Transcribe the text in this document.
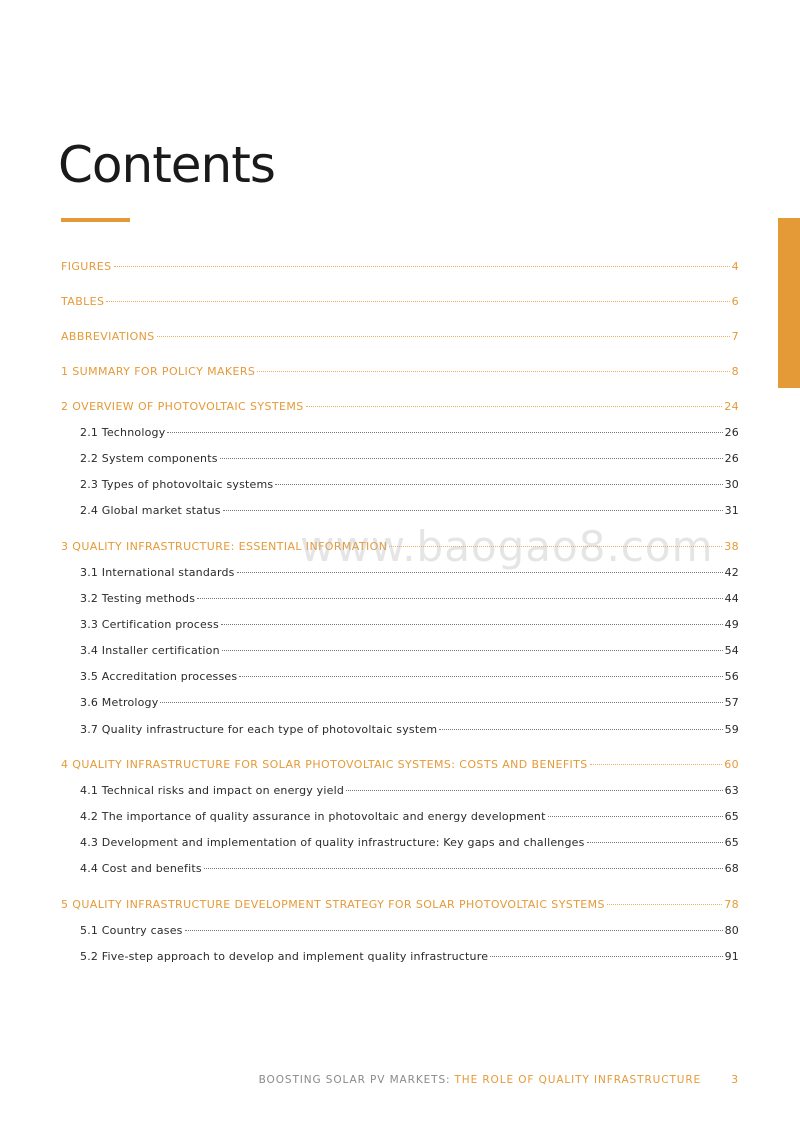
Contents
FIGURES	4
TABLES	6
ABBREVIATIONS	7
1 SUMMARY FOR POLICY MAKERS	8
2 OVERVIEW OF PHOTOVOLTAIC SYSTEMS	24
2.1 Technology	26
2.2 System components	26
2.3 Types of photovoltaic systems	30
2.4 Global market status	31
3 QUALITY INFRASTRUCTURE: ESSENTIAL INFORMATION	38
3.1 International standards	42
3.2 Testing methods	44
3.3 Certification process	49
3.4 Installer certification	54
3.5 Accreditation processes	56
3.6 Metrology	57
3.7 Quality infrastructure for each type of photovoltaic system	59
4 QUALITY INFRASTRUCTURE FOR SOLAR PHOTOVOLTAIC SYSTEMS: COSTS AND BENEFITS	60
4.1 Technical risks and impact on energy yield	63
4.2 The importance of quality assurance in photovoltaic and energy development	65
4.3 Development and implementation of quality infrastructure: Key gaps and challenges	65
4.4 Cost and benefits	68
5 QUALITY INFRASTRUCTURE DEVELOPMENT STRATEGY FOR SOLAR PHOTOVOLTAIC SYSTEMS	78
5.1 Country cases	80
5.2 Five-step approach to develop and implement quality infrastructure	91
www.baogao8.com
BOOSTING SOLAR PV MARKETS: THE ROLE OF QUALITY INFRASTRUCTURE	3
